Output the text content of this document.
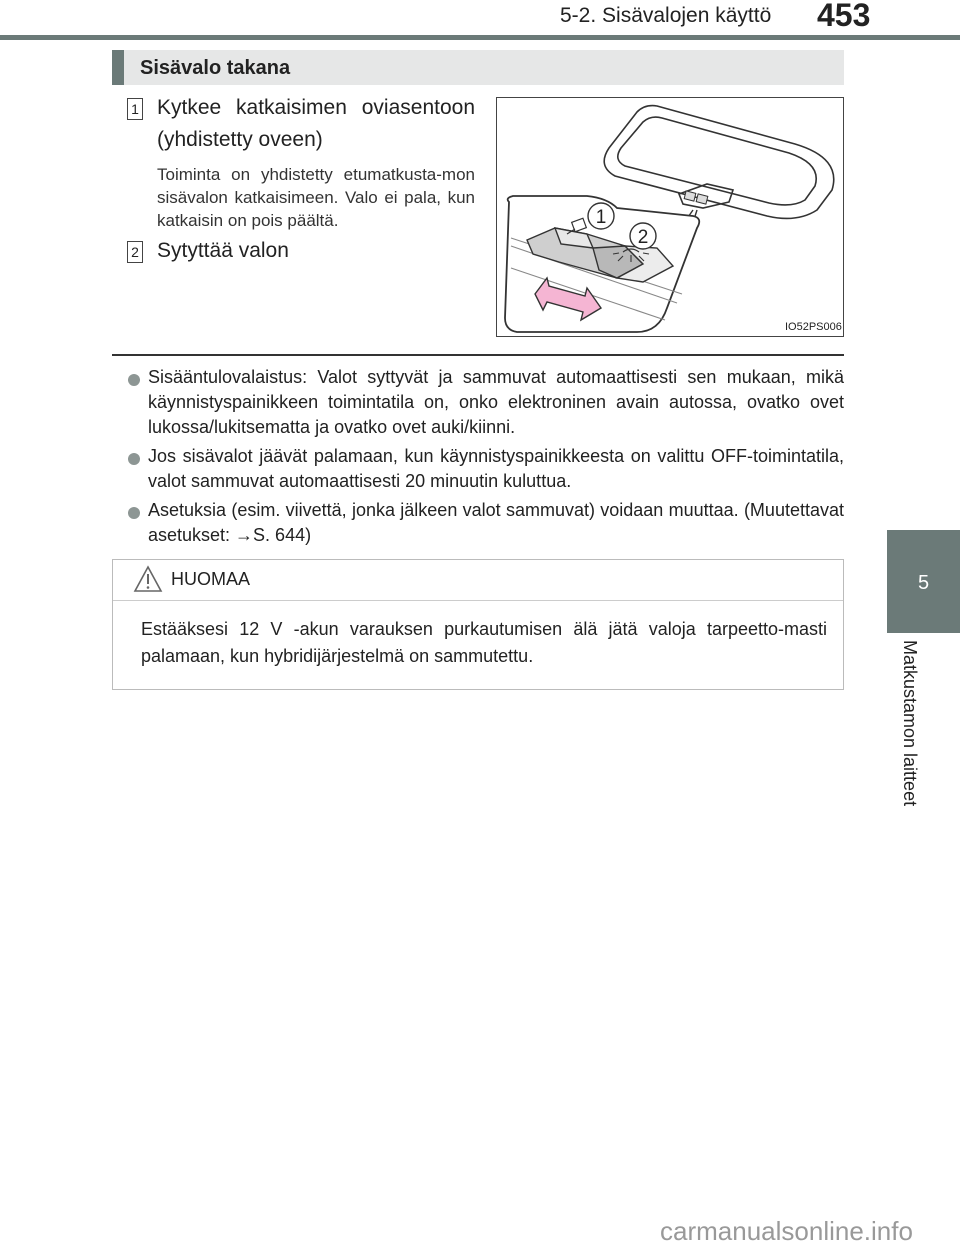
5-2. Sisävalojen käyttö 453
5
Matkustamon laitteet
Sisävalo takana
1 Kytkee katkaisimen oviasentoon
(yhdistetty oveen)
Toiminta on yhdistetty etumatkusta-mon sisävalon katkaisimeen. Valo ei pala, kun katkaisin on pois päältä.
2 Sytyttää valon
1
2
IO52PS006
Sisääntulovalaistus: Valot syttyvät ja sammuvat automaattisesti sen mukaan, mikä käynnistyspainikkeen toimintatila on, onko elektroninen avain autossa, ovatko ovet lukossa/lukitsematta ja ovatko ovet auki/kiinni.
Jos sisävalot jäävät palamaan, kun käynnistyspainikkeesta on valittu OFF-toimintatila, valot sammuvat automaattisesti 20 minuutin kuluttua.
Asetuksia (esim. viivettä, jonka jälkeen valot sammuvat) voidaan muuttaa. (Muutettavat asetukset: →S. 644)
HUOMAA
Estääksesi 12 V -akun varauksen purkautumisen älä jätä valoja tarpeetto-masti palamaan, kun hybridijärjestelmä on sammutettu.
carmanualsonline.info
